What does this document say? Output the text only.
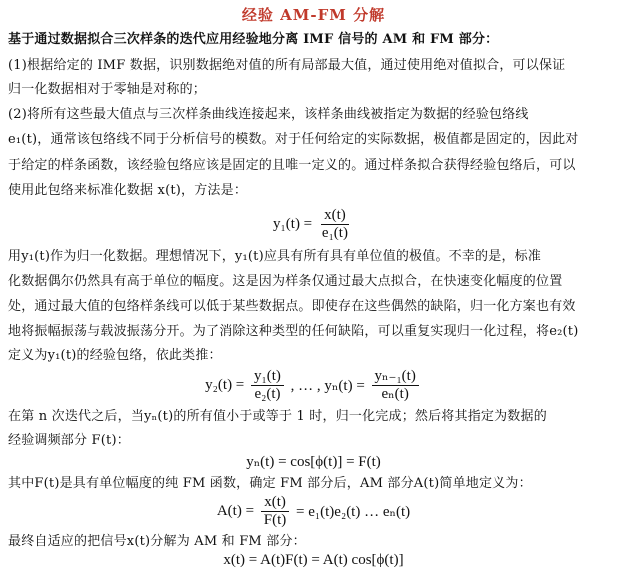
经验 AM-FM 分解
基于通过数据拟合三次样条的迭代应用经验地分离 IMF 信号的 AM 和 FM 部分：
(1)根据给定的 IMF 数据，识别数据绝对值的所有局部最大值，通过使用绝对值拟合，可以保证
归一化数据相对于零轴是对称的；
(2)将所有这些最大值点与三次样条曲线连接起来，该样条曲线被指定为数据的经验包络线
e₁(t)，通常该包络线不同于分析信号的模数。对于任何给定的实际数据，极值都是固定的，因此对
于给定的样条函数，该经验包络应该是固定的且唯一定义的。通过样条拟合获得经验包络后，可以
使用此包络来标准化数据 x(t)，方法是：
$y_1(t) = \frac{x(t)}{\text{e₁(t)}}$
用y₁(t)作为归一化数据。理想情况下，y₁(t)应具有所有具有单位值的极值。不幸的是，标准
化数据偶尔仍然具有高于单位的幅度。这是因为样条仅通过最大点拟合，在快速变化幅度的位置
处，通过最大值的包络样条线可以低于某些数据点。即使存在这些偶然的缺陷，归一化方案也有效
地将振幅振荡与载波振荡分开。为了消除这种类型的任何缺陷，可以重复实现归一化过程，将e₂(t)
定义为y₁(t)的经验包络，依此类推：
$y_2(t) = \frac{\text{y₁(t)}}{\text{e₂(t)}}$ , … , $y_n(t) = \frac{\text{yₙ₋₁(t)}}{\text{eₙ(t)}}$
在第 n 次迭代之后，当yₙ(t)的所有值小于或等于 1 时，归一化完成；然后将其指定为数据的
经验调频部分 F(t)：
yₙ(t) = cos[ϕ(t)] = F(t)
其中F(t)是具有单位幅度的纯 FM 函数，确定 FM 部分后，AM 部分A(t)简单地定义为：
$A(t) = \frac{x(t)}{F(t)} = e_1(t)e_2(t)$ … eₙ(t)
最终自适应的把信号x(t)分解为 AM 和 FM 部分：
x(t) = A(t)F(t) = A(t) cos[ϕ(t)]
